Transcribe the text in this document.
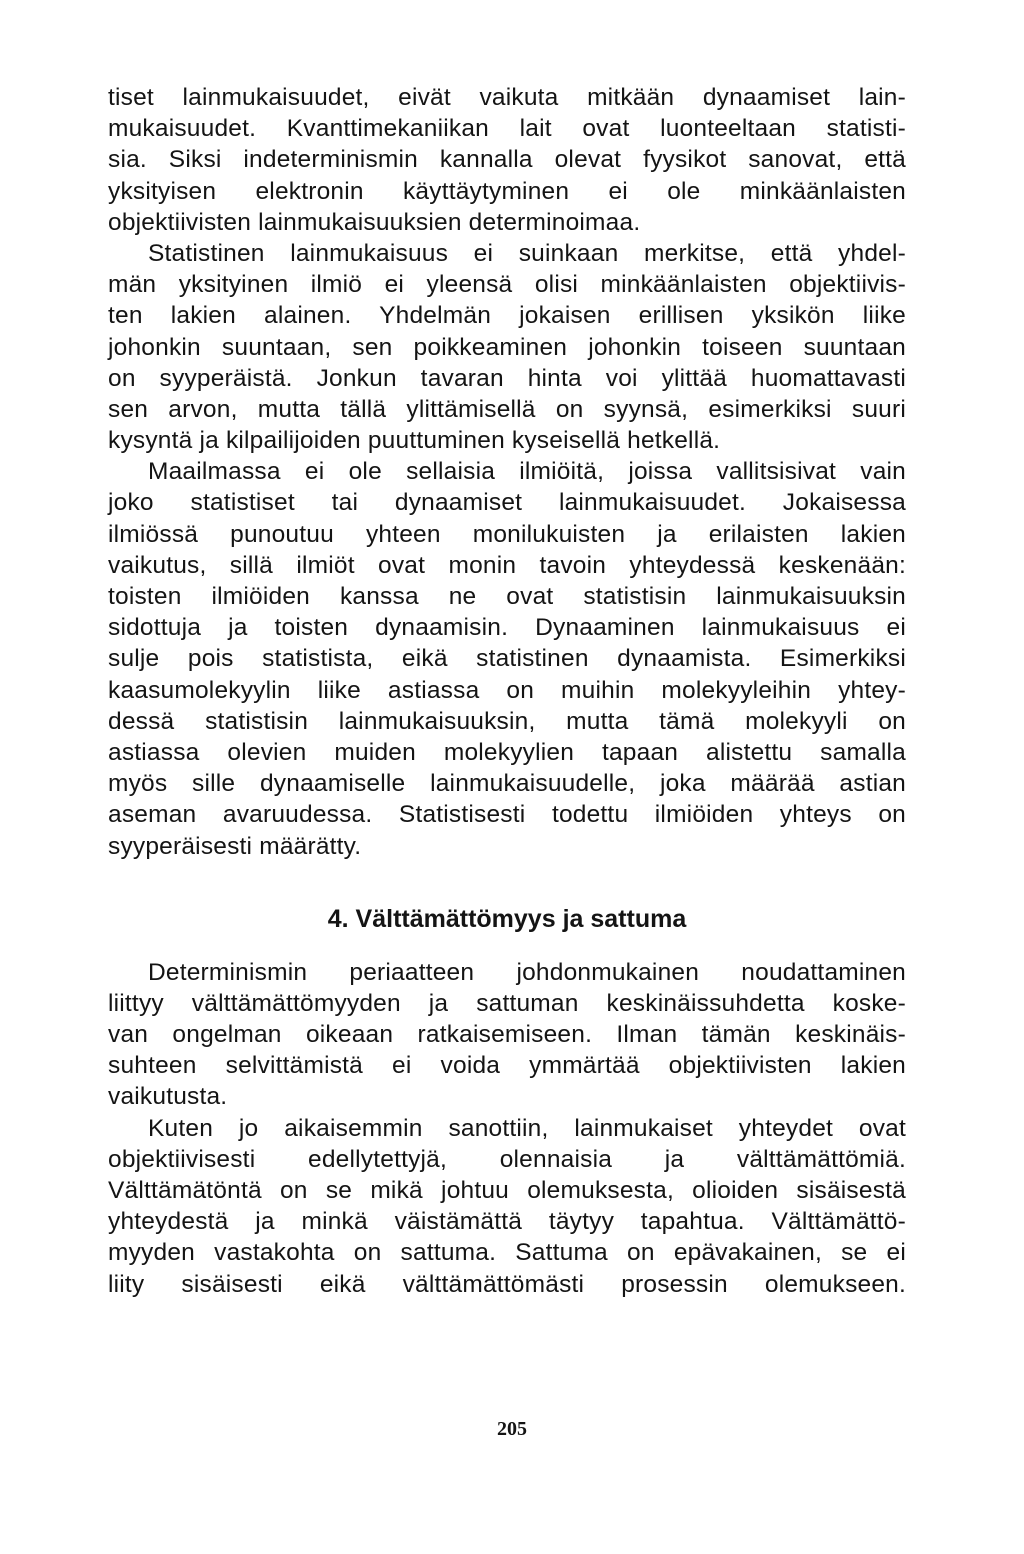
tiset lainmukaisuudet, eivät vaikuta mitkään dynaamiset lain-
mukaisuudet. Kvanttimekaniikan lait ovat luonteeltaan statisti-
sia. Siksi indeterminismin kannalla olevat fyysikot sanovat, että
yksityisen elektronin käyttäytyminen ei ole minkäänlaisten
objektiivisten lainmukaisuuksien determinoimaa.
Statistinen lainmukaisuus ei suinkaan merkitse, että yhdel-
män yksityinen ilmiö ei yleensä olisi minkäänlaisten objektiivis-
ten lakien alainen. Yhdelmän jokaisen erillisen yksikön liike
johonkin suuntaan, sen poikkeaminen johonkin toiseen suuntaan
on syyperäistä. Jonkun tavaran hinta voi ylittää huomattavasti
sen arvon, mutta tällä ylittämisellä on syynsä, esimerkiksi suuri
kysyntä ja kilpailijoiden puuttuminen kyseisellä hetkellä.
Maailmassa ei ole sellaisia ilmiöitä, joissa vallitsisivat vain
joko statistiset tai dynaamiset lainmukaisuudet. Jokaisessa
ilmiössä punoutuu yhteen monilukuisten ja erilaisten lakien
vaikutus, sillä ilmiöt ovat monin tavoin yhteydessä keskenään:
toisten ilmiöiden kanssa ne ovat statistisin lainmukaisuuksin
sidottuja ja toisten dynaamisin. Dynaaminen lainmukaisuus ei
sulje pois statistista, eikä statistinen dynaamista. Esimerkiksi
kaasumolekyylin liike astiassa on muihin molekyyleihin yhtey-
dessä statistisin lainmukaisuuksin, mutta tämä molekyyli on
astiassa olevien muiden molekyylien tapaan alistettu samalla
myös sille dynaamiselle lainmukaisuudelle, joka määrää astian
aseman avaruudessa. Statistisesti todettu ilmiöiden yhteys on
syyperäisesti määrätty.
4. Välttämättömyys ja sattuma
Determinismin periaatteen johdonmukainen noudattaminen
liittyy välttämättömyyden ja sattuman keskinäissuhdetta koske-
van ongelman oikeaan ratkaisemiseen. Ilman tämän keskinäis-
suhteen selvittämistä ei voida ymmärtää objektiivisten lakien
vaikutusta.
Kuten jo aikaisemmin sanottiin, lainmukaiset yhteydet ovat
objektiivisesti edellytettyjä, olennaisia ja välttämättömiä.
Välttämätöntä on se mikä johtuu olemuksesta, olioiden sisäisestä
yhteydestä ja minkä väistämättä täytyy tapahtua. Välttämättö-
myyden vastakohta on sattuma. Sattuma on epävakainen, se ei
liity sisäisesti eikä välttämättömästi prosessin olemukseen.
205
